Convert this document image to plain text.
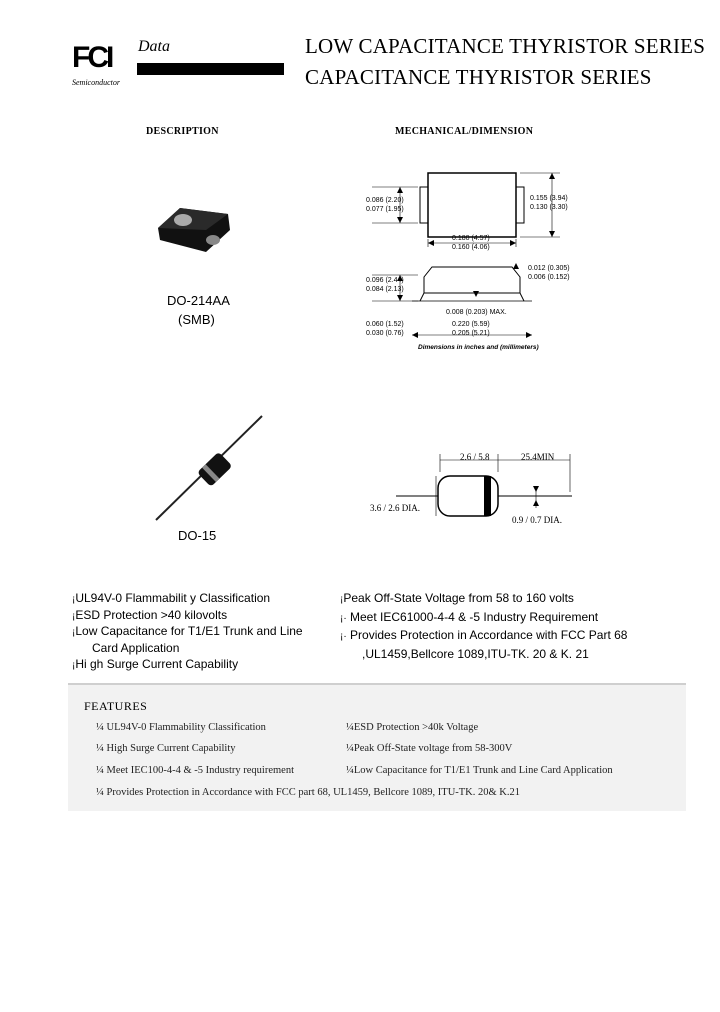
FCI Data
Semiconductor
LOW CAPACITANCE THYRISTOR SERIES
CAPACITANCE THYRISTOR SERIES
DESCRIPTION	MECHANICAL/DIMENSION
DO-214AA
(SMB)
0.086 (2.20)
0.077 (1.95)
0.155 (3.94)
0.130 (3.30)
0.180 (4.57)
0.160 (4.06)
0.096 (2.44)
0.084 (2.13)
0.012 (0.305)
0.006 (0.152)
0.008 (0.203) MAX.
0.060 (1.52)
0.030 (0.76)
0.220 (5.59)
0.205 (5.21)
Dimensions in inches and (millimeters)
DO-15
2.6 / 5.8	25.4MIN
3.6 / 2.6 DIA.
0.9 / 0.7 DIA.
¡UL94V-0 Flammabilit y Classification
¡ESD Protection >40 kilovolts
¡Low Capacitance for T1/E1 Trunk and Line
Card Application
¡Hi gh Surge Current Capability
¡Peak Off-State Voltage from 58 to 160 volts
¡· Meet IEC61000-4-4 & -5 Industry Requirement
¡· Provides Protection in Accordance with FCC Part 68
,UL1459,Bellcore 1089,ITU-TK. 20 & K. 21
FEATURES
¼ UL94V-0 Flammability Classification
¼ High Surge Current Capability
¼ Meet IEC100-4-4 & -5 Industry requirement
¼ESD Protection >40k Voltage
¼Peak Off-State voltage from 58-300V
¼Low Capacitance for T1/E1 Trunk and Line Card Application
¼ Provides Protection in Accordance with FCC part 68, UL1459, Bellcore 1089, ITU-TK. 20& K.21
